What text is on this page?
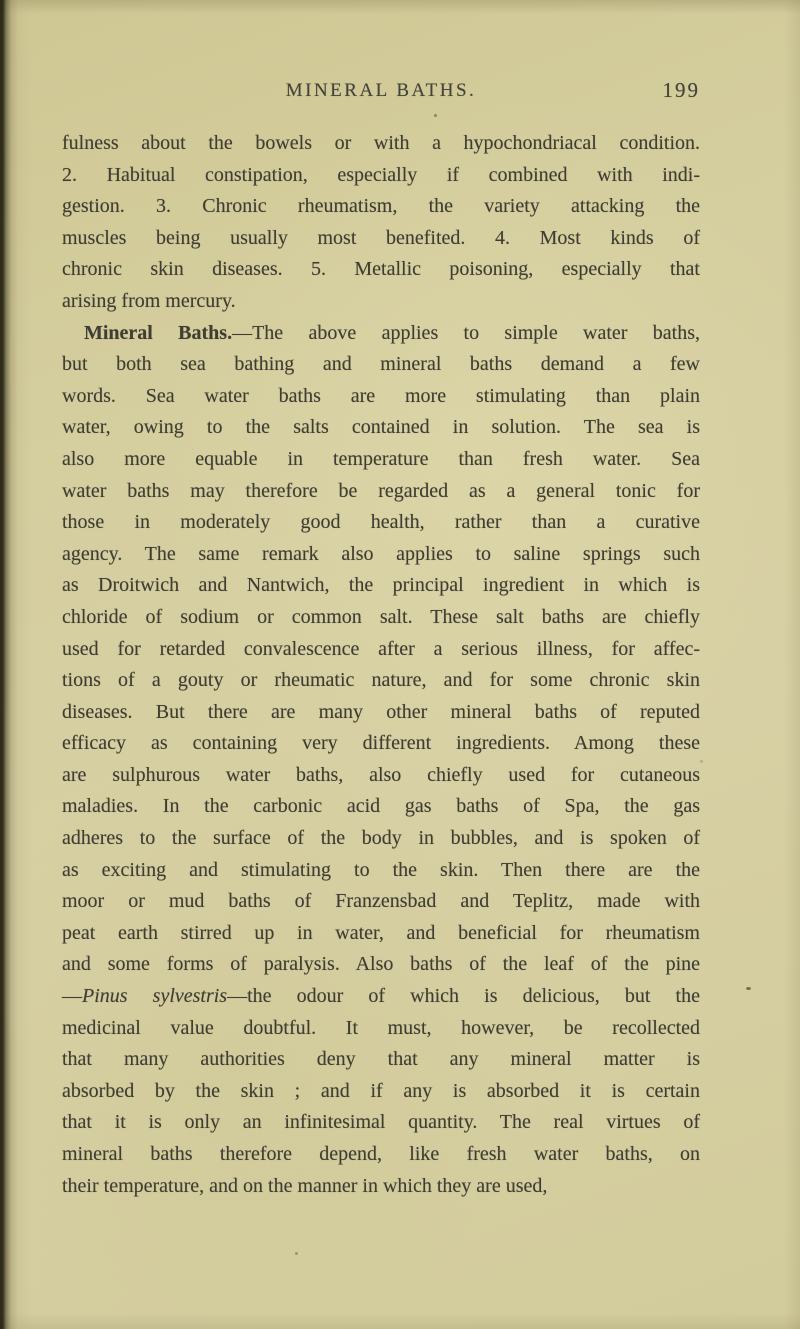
MINERAL BATHS.	199
fulness about the bowels or with a hypochondriacal condition.
2. Habitual constipation, especially if combined with indi-
gestion. 3. Chronic rheumatism, the variety attacking the
muscles being usually most benefited. 4. Most kinds of
chronic skin diseases. 5. Metallic poisoning, especially that
arising from mercury.
Mineral Baths.—The above applies to simple water baths,
but both sea bathing and mineral baths demand a few
words. Sea water baths are more stimulating than plain
water, owing to the salts contained in solution. The sea is
also more equable in temperature than fresh water. Sea
water baths may therefore be regarded as a general tonic for
those in moderately good health, rather than a curative
agency. The same remark also applies to saline springs such
as Droitwich and Nantwich, the principal ingredient in which is
chloride of sodium or common salt. These salt baths are chiefly
used for retarded convalescence after a serious illness, for affec-
tions of a gouty or rheumatic nature, and for some chronic skin
diseases. But there are many other mineral baths of reputed
efficacy as containing very different ingredients. Among these
are sulphurous water baths, also chiefly used for cutaneous
maladies. In the carbonic acid gas baths of Spa, the gas
adheres to the surface of the body in bubbles, and is spoken of
as exciting and stimulating to the skin. Then there are the
moor or mud baths of Franzensbad and Teplitz, made with
peat earth stirred up in water, and beneficial for rheumatism
and some forms of paralysis. Also baths of the leaf of the pine
—Pinus sylvestris—the odour of which is delicious, but the
medicinal value doubtful. It must, however, be recollected
that many authorities deny that any mineral matter is
absorbed by the skin ; and if any is absorbed it is certain
that it is only an infinitesimal quantity. The real virtues of
mineral baths therefore depend, like fresh water baths, on
their temperature, and on the manner in which they are used,
